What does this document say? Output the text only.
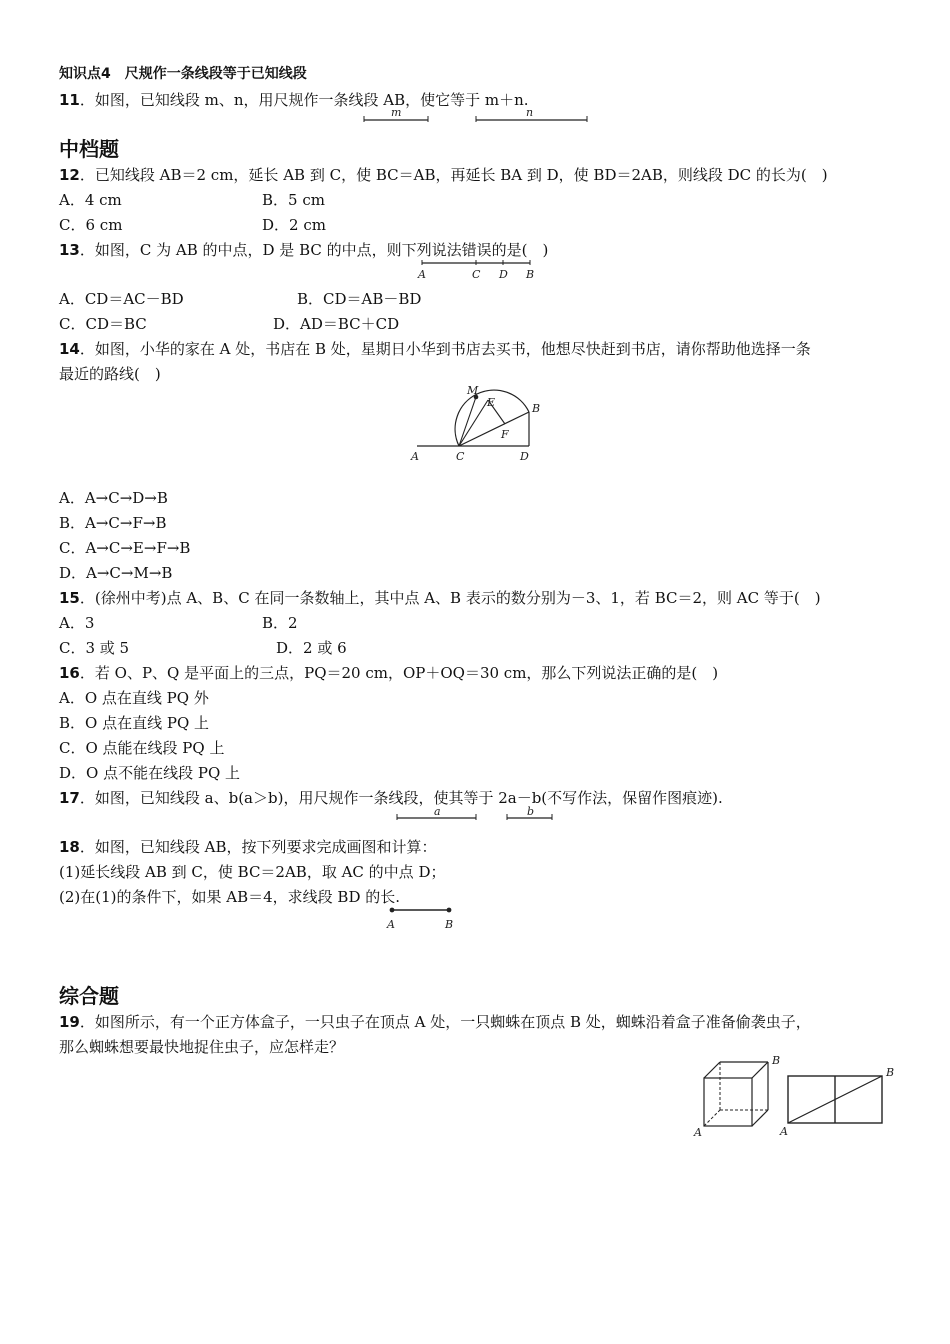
知识点4　尺规作一条线段等于已知线段
11．如图，已知线段 m、n，用尺规作一条线段 AB，使它等于 m＋n.
m	n
中档题
12．已知线段 AB＝2 cm，延长 AB 到 C，使 BC＝AB，再延长 BA 到 D，使 BD＝2AB，则线段 DC 的长为(　)
A．4 cm	B．5 cm
C．6 cm	D．2 cm
13．如图，C 为 AB 的中点，D 是 BC 的中点，则下列说法错误的是(　)
A	C D B
A．CD＝AC－BD	B．CD＝AB－BD
C．CD＝BC	D．AD＝BC＋CD
14．如图，小华的家在 A 处，书店在 B 处，星期日小华到书店去买书，他想尽快赶到书店，请你帮助他选择一条
最近的路线(　)
M
E	B
F
A	C	D
A．A→C→D→B
B．A→C→F→B
C．A→C→E→F→B
D．A→C→M→B
15．(徐州中考)点 A、B、C 在同一条数轴上，其中点 A、B 表示的数分别为－3、1，若 BC＝2，则 AC 等于(　)
A．3	B．2
C．3 或 5	D．2 或 6
16．若 O、P、Q 是平面上的三点，PQ＝20 cm，OP＋OQ＝30 cm，那么下列说法正确的是(　)
A．O 点在直线 PQ 外
B．O 点在直线 PQ 上
C．O 点能在线段 PQ 上
D．O 点不能在线段 PQ 上
17．如图，已知线段 a、b(a＞b)，用尺规作一条线段，使其等于 2a－b(不写作法，保留作图痕迹).
a	b
18．如图，已知线段 AB，按下列要求完成画图和计算：
(1)延长线段 AB 到 C，使 BC＝2AB，取 AC 的中点 D；
(2)在(1)的条件下，如果 AB＝4，求线段 BD 的长.
A	B
综合题
19．如图所示，有一个正方体盒子，一只虫子在顶点 A 处，一只蜘蛛在顶点 B 处，蜘蛛沿着盒子准备偷袭虫子，
那么蜘蛛想要最快地捉住虫子，应怎样走？
B
A
B
A
